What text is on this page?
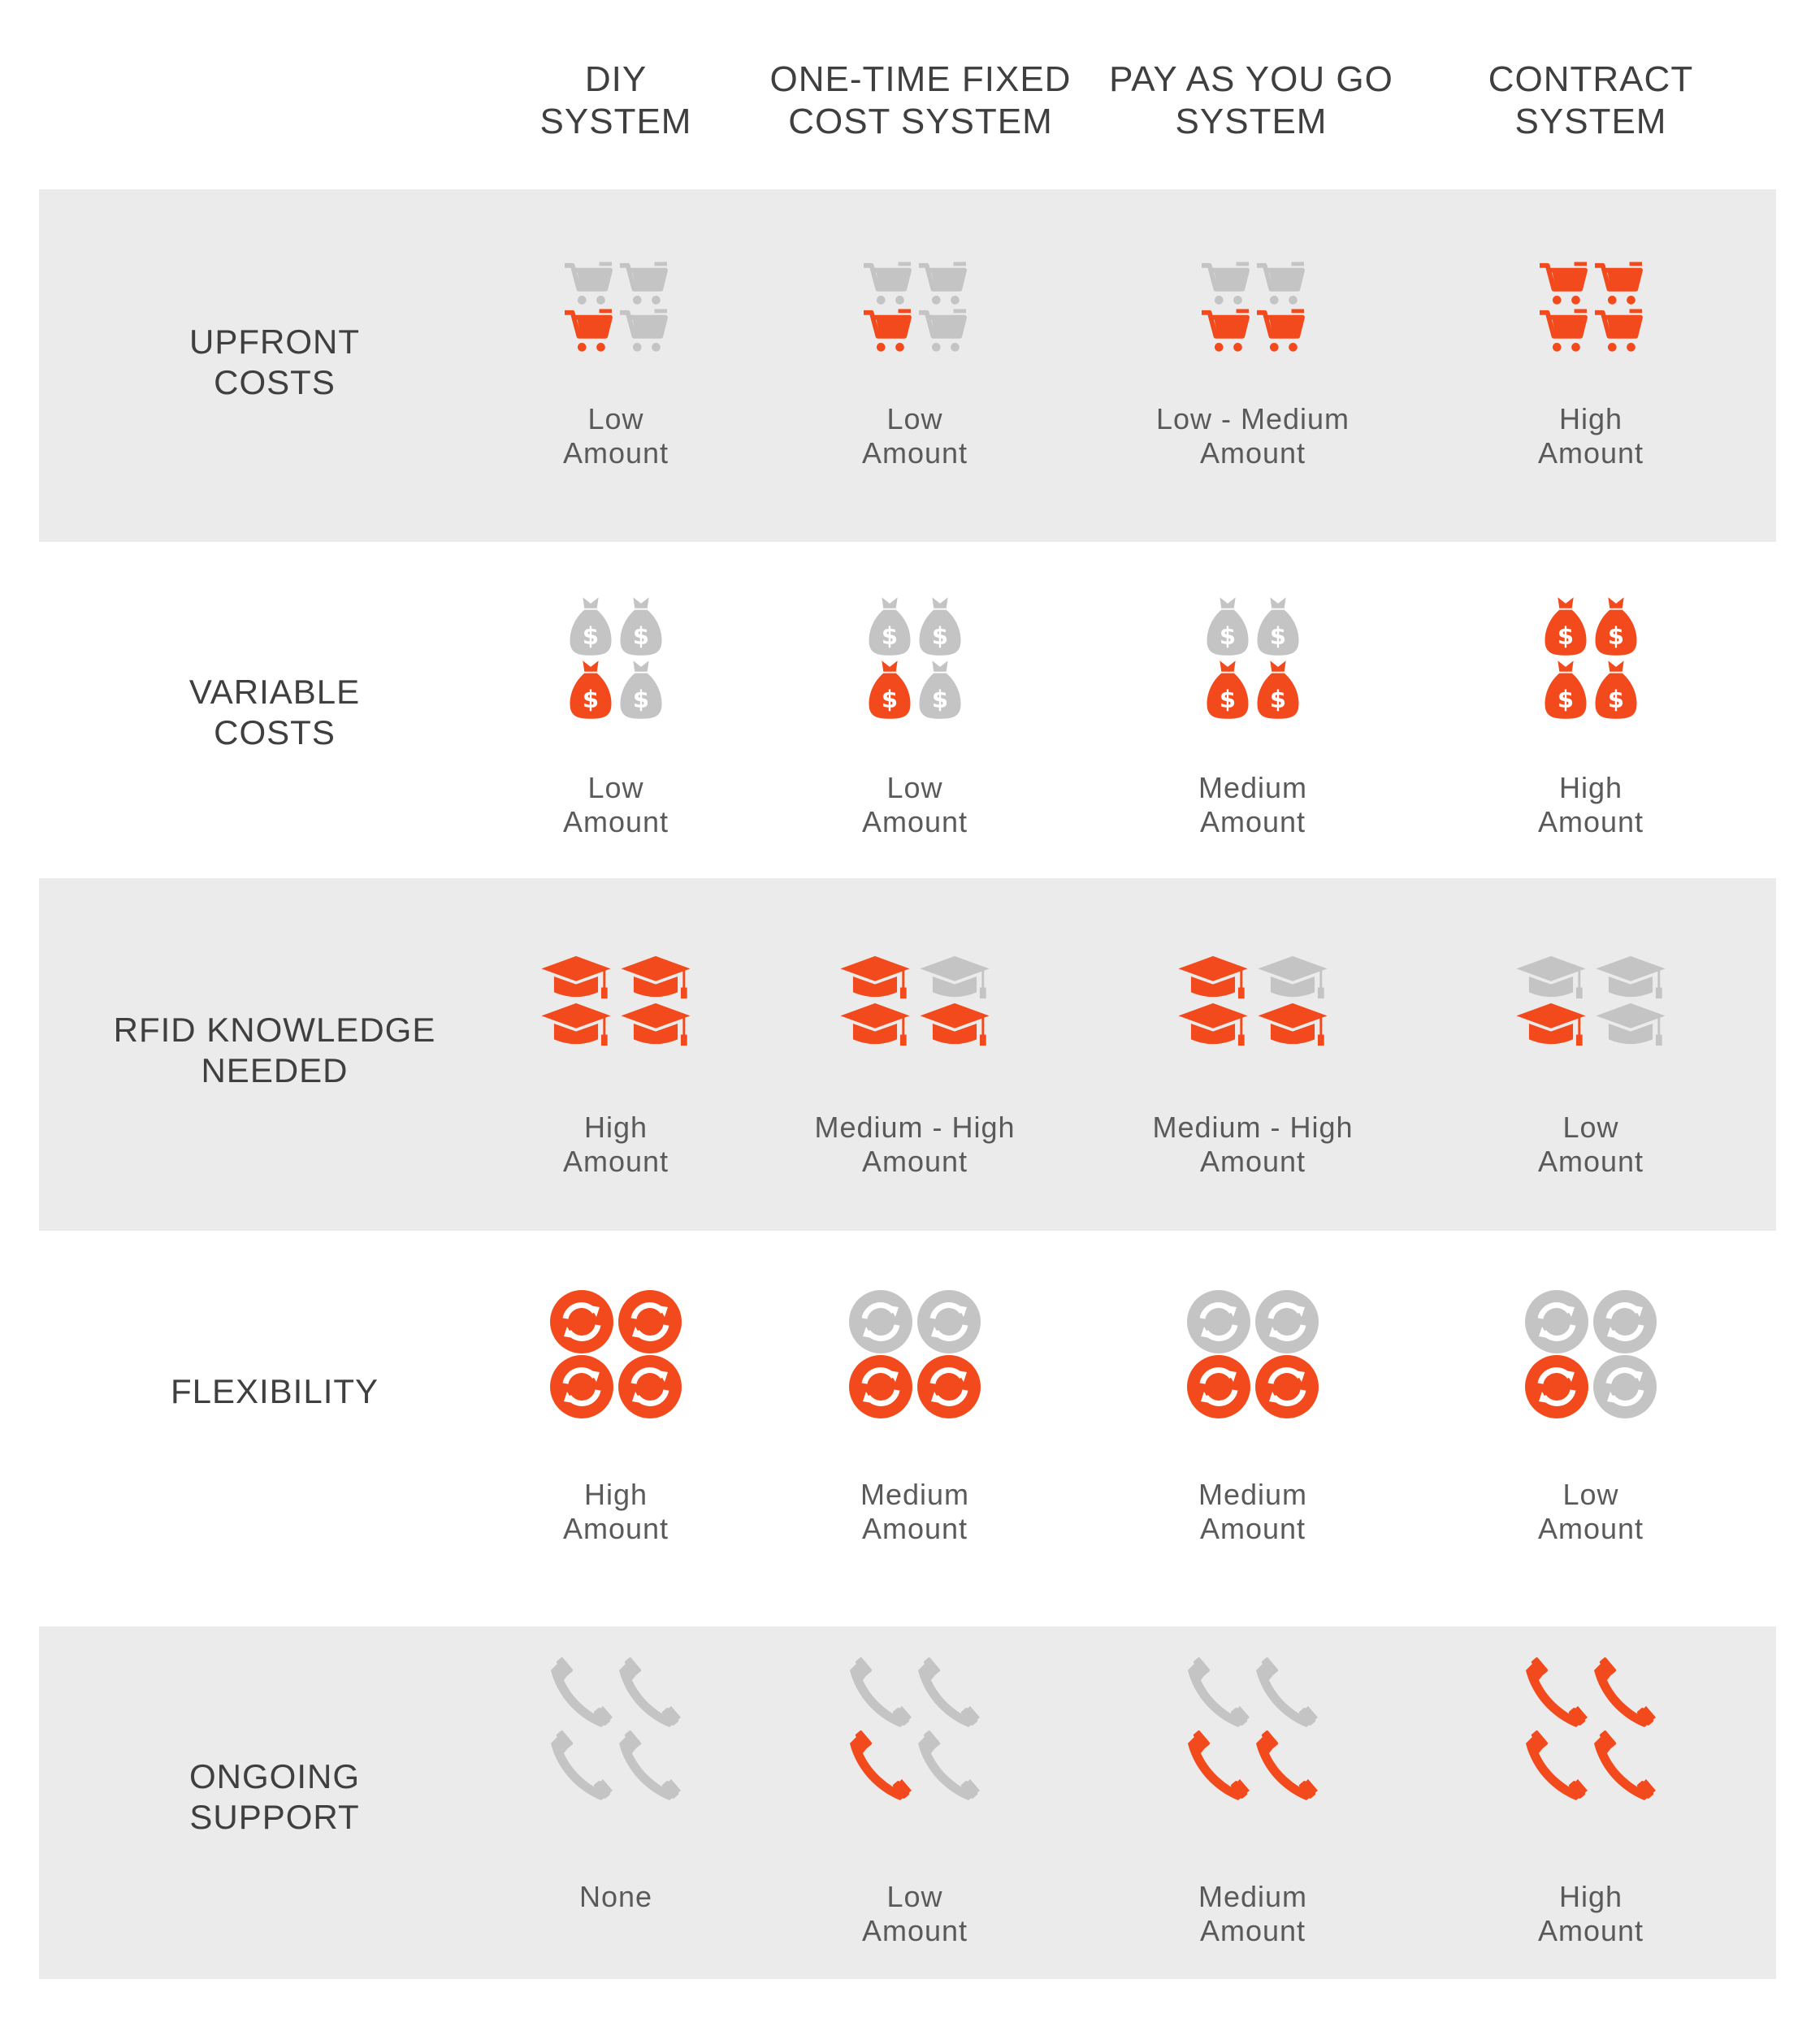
DIY
SYSTEM
ONE-TIME FIXED
COST SYSTEM
PAY AS YOU GO
SYSTEM
CONTRACT
SYSTEM
UPFRONT
COSTS
Low
Amount
Low
Amount
Low - Medium
Amount
High
Amount
VARIABLE
COSTS
$ $
$ $
Low
Amount
$ $
$ $
Low
Amount
$ $
$ $
Medium
Amount
$ $
$ $
High
Amount
RFID KNOWLEDGE
NEEDED
High
Amount
Medium - High
Amount
Medium - High
Amount
Low
Amount
FLEXIBILITY
High
Amount
Medium
Amount
Medium
Amount
Low
Amount
ONGOING
SUPPORT
None	Low
Amount
Medium
Amount
High
Amount
